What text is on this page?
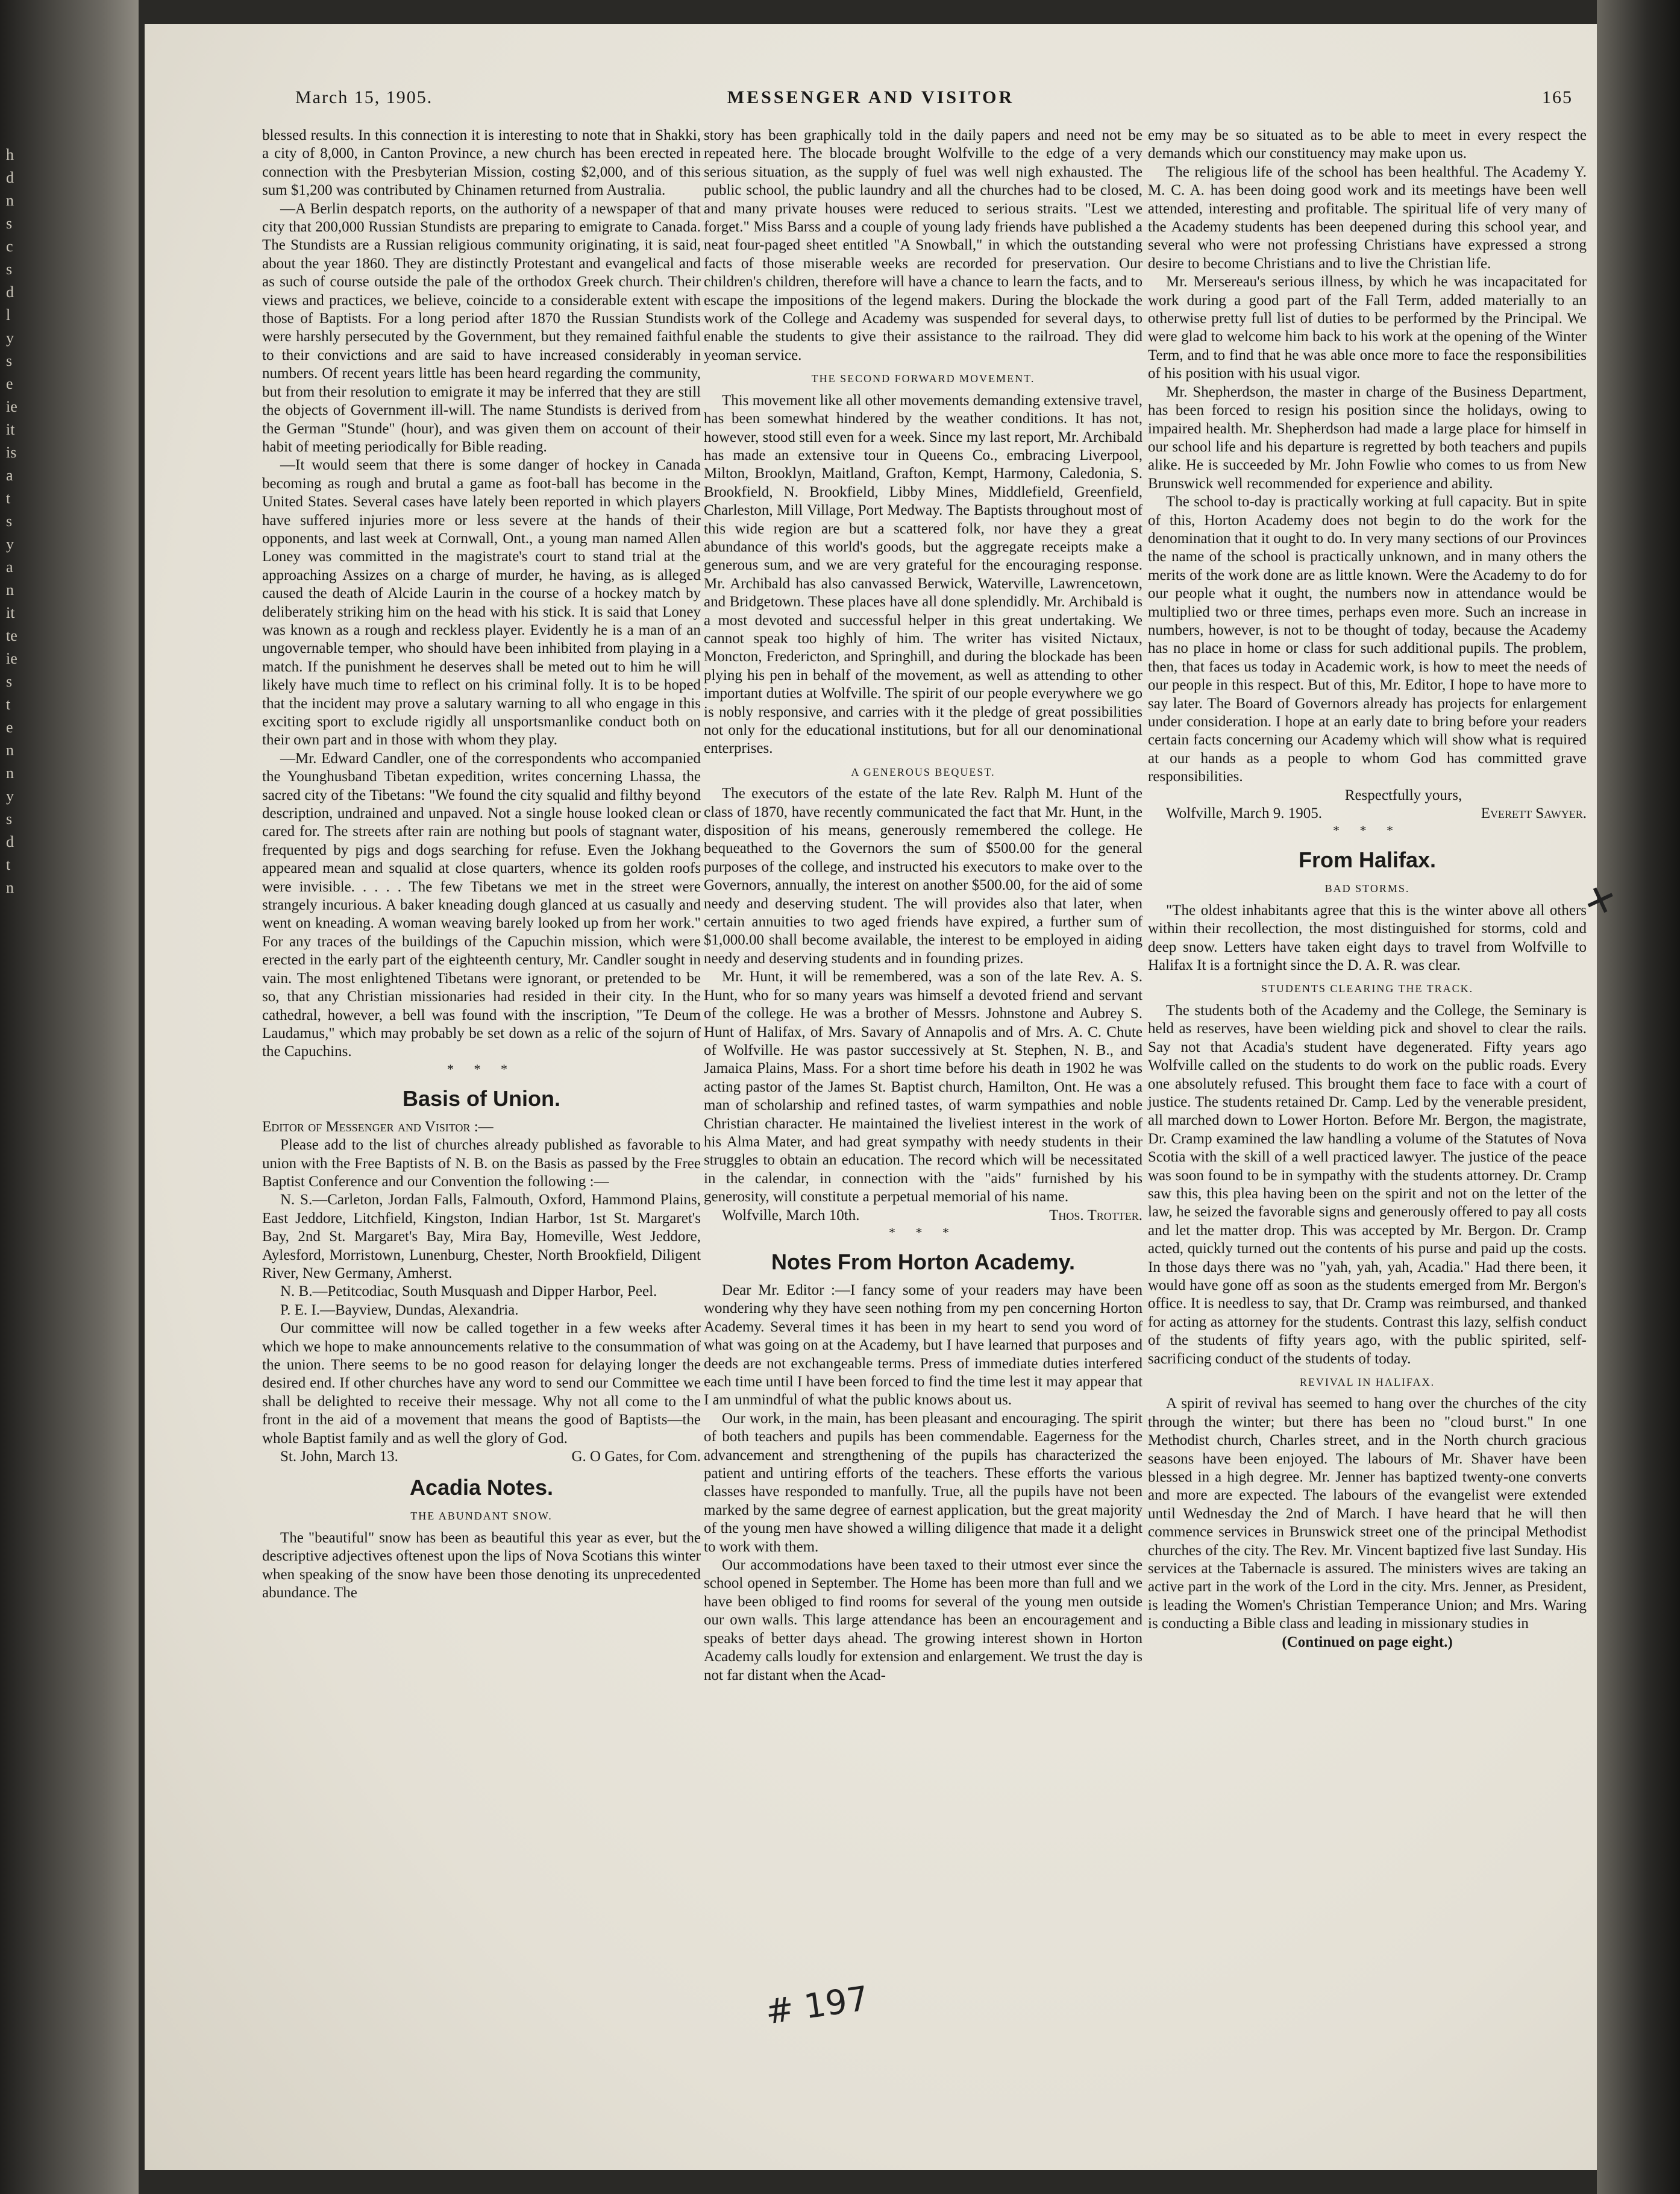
h
d
n
s
c
s
d
l
y
s
e
ie
it
is
a
t
s
y
a
n
it
te
ie
s
t
e
n
n
y
s
d
t
n
March 15, 1905.	MESSENGER AND VISITOR	165

blessed results. In this connection it is interesting to note that in Shakki, a city of 8,000, in Canton Province, a new church has been erected in connection with the Presbyterian Mission, costing $2,000, and of this sum $1,200 was contributed by Chinamen returned from Australia.

—A Berlin despatch reports, on the authority of a newspaper of that city that 200,000 Russian Stundists are preparing to emigrate to Canada. The Stundists are a Russian religious community originating, it is said, about the year 1860. They are distinctly Protestant and evangelical and as such of course outside the pale of the orthodox Greek church. Their views and practices, we believe, coincide to a considerable extent with those of Baptists. For a long period after 1870 the Russian Stundists were harshly persecuted by the Government, but they remained faithful to their convictions and are said to have increased considerably in numbers. Of recent years little has been heard regarding the community, but from their resolution to emigrate it may be inferred that they are still the objects of Government ill-will. The name Stundists is derived from the German "Stunde" (hour), and was given them on account of their habit of meeting periodically for Bible reading.

—It would seem that there is some danger of hockey in Canada becoming as rough and brutal a game as foot-ball has become in the United States. Several cases have lately been reported in which players have suffered injuries more or less severe at the hands of their opponents, and last week at Cornwall, Ont., a young man named Allen Loney was committed in the magistrate's court to stand trial at the approaching Assizes on a charge of murder, he having, as is alleged caused the death of Alcide Laurin in the course of a hockey match by deliberately striking him on the head with his stick. It is said that Loney was known as a rough and reckless player. Evidently he is a man of an ungovernable temper, who should have been inhibited from playing in a match. If the punishment he deserves shall be meted out to him he will likely have much time to reflect on his criminal folly. It is to be hoped that the incident may prove a salutary warning to all who engage in this exciting sport to exclude rigidly all unsportsmanlike conduct both on their own part and in those with whom they play.

—Mr. Edward Candler, one of the correspondents who accompanied the Younghusband Tibetan expedition, writes concerning Lhassa, the sacred city of the Tibetans: "We found the city squalid and filthy beyond description, undrained and unpaved. Not a single house looked clean or cared for. The streets after rain are nothing but pools of stagnant water, frequented by pigs and dogs searching for refuse. Even the Jokhang appeared mean and squalid at close quarters, whence its golden roofs were invisible. . . . . The few Tibetans we met in the street were strangely incurious. A baker kneading dough glanced at us casually and went on kneading. A woman weaving barely looked up from her work." For any traces of the buildings of the Capuchin mission, which were erected in the early part of the eighteenth century, Mr. Candler sought in vain. The most enlightened Tibetans were ignorant, or pretended to be so, that any Christian missionaries had resided in their city. In the cathedral, however, a bell was found with the inscription, "Te Deum Laudamus," which may probably be set down as a relic of the sojurn of the Capuchins.

* * *
Basis of Union.

Editor of Messenger and Visitor :—

Please add to the list of churches already published as favorable to union with the Free Baptists of N. B. on the Basis as passed by the Free Baptist Conference and our Convention the following :—

N. S.—Carleton, Jordan Falls, Falmouth, Oxford, Hammond Plains, East Jeddore, Litchfield, Kingston, Indian Harbor, 1st St. Margaret's Bay, 2nd St. Margaret's Bay, Mira Bay, Homeville, West Jeddore, Aylesford, Morristown, Lunenburg, Chester, North Brookfield, Diligent River, New Germany, Amherst.

N. B.—Petitcodiac, South Musquash and Dipper Harbor, Peel.

P. E. I.—Bayview, Dundas, Alexandria.

Our committee will now be called together in a few weeks after which we hope to make announcements relative to the consummation of the union. There seems to be no good reason for delaying longer the desired end. If other churches have any word to send our Committee we shall be delighted to receive their message. Why not all come to the front in the aid of a movement that means the good of Baptists—the whole Baptist family and as well the glory of God.

St. John, March 13.	G. O Gates, for Com.
Acadia Notes.
THE ABUNDANT SNOW.

The "beautiful" snow has been as beautiful this year as ever, but the descriptive adjectives oftenest upon the lips of Nova Scotians this winter when speaking of the snow have been those denoting its unprecedented abundance. The

story has been graphically told in the daily papers and need not be repeated here. The blocade brought Wolfville to the edge of a very serious situation, as the supply of fuel was well nigh exhausted. The public school, the public laundry and all the churches had to be closed, and many private houses were reduced to serious straits. "Lest we forget." Miss Barss and a couple of young lady friends have published a neat four-paged sheet entitled "A Snowball," in which the outstanding facts of those miserable weeks are recorded for preservation. Our children's children, therefore will have a chance to learn the facts, and to escape the impositions of the legend makers. During the blockade the work of the College and Academy was suspended for several days, to enable the students to give their assistance to the railroad. They did yeoman service.

THE SECOND FORWARD MOVEMENT.

This movement like all other movements demanding extensive travel, has been somewhat hindered by the weather conditions. It has not, however, stood still even for a week. Since my last report, Mr. Archibald has made an extensive tour in Queens Co., embracing Liverpool, Milton, Brooklyn, Maitland, Grafton, Kempt, Harmony, Caledonia, S. Brookfield, N. Brookfield, Libby Mines, Middlefield, Greenfield, Charleston, Mill Village, Port Medway. The Baptists throughout most of this wide region are but a scattered folk, nor have they a great abundance of this world's goods, but the aggregate receipts make a generous sum, and we are very grateful for the encouraging response. Mr. Archibald has also canvassed Berwick, Waterville, Lawrencetown, and Bridgetown. These places have all done splendidly. Mr. Archibald is a most devoted and successful helper in this great undertaking. We cannot speak too highly of him. The writer has visited Nictaux, Moncton, Fredericton, and Springhill, and during the blockade has been plying his pen in behalf of the movement, as well as attending to other important duties at Wolfville. The spirit of our people everywhere we go is nobly responsive, and carries with it the pledge of great possibilities not only for the educational institutions, but for all our denominational enterprises.

A GENEROUS BEQUEST.

The executors of the estate of the late Rev. Ralph M. Hunt of the class of 1870, have recently communicated the fact that Mr. Hunt, in the disposition of his means, generously remembered the college. He bequeathed to the Governors the sum of $500.00 for the general purposes of the college, and instructed his executors to make over to the Governors, annually, the interest on another $500.00, for the aid of some needy and deserving student. The will provides also that later, when certain annuities to two aged friends have expired, a further sum of $1,000.00 shall become available, the interest to be employed in aiding needy and deserving students and in founding prizes.

Mr. Hunt, it will be remembered, was a son of the late Rev. A. S. Hunt, who for so many years was himself a devoted friend and servant of the college. He was a brother of Messrs. Johnstone and Aubrey S. Hunt of Halifax, of Mrs. Savary of Annapolis and of Mrs. A. C. Chute of Wolfville. He was pastor successively at St. Stephen, N. B., and Jamaica Plains, Mass. For a short time before his death in 1902 he was acting pastor of the James St. Baptist church, Hamilton, Ont. He was a man of scholarship and refined tastes, of warm sympathies and noble Christian character. He maintained the liveliest interest in the work of his Alma Mater, and had great sympathy with needy students in their struggles to obtain an education. The record which will be necessitated in the calendar, in connection with the "aids" furnished by his generosity, will constitute a perpetual memorial of his name.

Wolfville, March 10th.	Thos. Trotter.
* * *
Notes From Horton Academy.

Dear Mr. Editor :—I fancy some of your readers may have been wondering why they have seen nothing from my pen concerning Horton Academy. Several times it has been in my heart to send you word of what was going on at the Academy, but I have learned that purposes and deeds are not exchangeable terms. Press of immediate duties interfered each time until I have been forced to find the time lest it may appear that I am unmindful of what the public knows about us.

Our work, in the main, has been pleasant and encouraging. The spirit of both teachers and pupils has been commendable. Eagerness for the advancement and strengthening of the pupils has characterized the patient and untiring efforts of the teachers. These efforts the various classes have responded to manfully. True, all the pupils have not been marked by the same degree of earnest application, but the great majority of the young men have showed a willing diligence that made it a delight to work with them.

Our accommodations have been taxed to their utmost ever since the school opened in September. The Home has been more than full and we have been obliged to find rooms for several of the young men outside our own walls. This large attendance has been an encouragement and speaks of better days ahead. The growing interest shown in Horton Academy calls loudly for extension and enlargement. We trust the day is not far distant when the Acad-

emy may be so situated as to be able to meet in every respect the demands which our constituency may make upon us.

The religious life of the school has been healthful. The Academy Y. M. C. A. has been doing good work and its meetings have been well attended, interesting and profitable. The spiritual life of very many of the Academy students has been deepened during this school year, and several who were not professing Christians have expressed a strong desire to become Christians and to live the Christian life.

Mr. Mersereau's serious illness, by which he was incapacitated for work during a good part of the Fall Term, added materially to an otherwise pretty full list of duties to be performed by the Principal. We were glad to welcome him back to his work at the opening of the Winter Term, and to find that he was able once more to face the responsibilities of his position with his usual vigor.

Mr. Shepherdson, the master in charge of the Business Department, has been forced to resign his position since the holidays, owing to impaired health. Mr. Shepherdson had made a large place for himself in our school life and his departure is regretted by both teachers and pupils alike. He is succeeded by Mr. John Fowlie who comes to us from New Brunswick well recommended for experience and ability.

The school to-day is practically working at full capacity. But in spite of this, Horton Academy does not begin to do the work for the denomination that it ought to do. In very many sections of our Provinces the name of the school is practically unknown, and in many others the merits of the work done are as little known. Were the Academy to do for our people what it ought, the numbers now in attendance would be multiplied two or three times, perhaps even more. Such an increase in numbers, however, is not to be thought of today, because the Academy has no place in home or class for such additional pupils. The problem, then, that faces us today in Academic work, is how to meet the needs of our people in this respect. But of this, Mr. Editor, I hope to have more to say later. The Board of Governors already has projects for enlargement under consideration. I hope at an early date to bring before your readers certain facts concerning our Academy which will show what is required at our hands as a people to whom God has committed grave responsibilities.

Respectfully yours,
Wolfville, March 9. 1905.	Everett Sawyer.
* * *
From Halifax.
BAD STORMS.

"The oldest inhabitants agree that this is the winter above all others within their recollection, the most distinguished for storms, cold and deep snow. Letters have taken eight days to travel from Wolfville to Halifax It is a fortnight since the D. A. R. was clear.

STUDENTS CLEARING THE TRACK.

The students both of the Academy and the College, the Seminary is held as reserves, have been wielding pick and shovel to clear the rails. Say not that Acadia's student have degenerated. Fifty years ago Wolfville called on the students to do work on the public roads. Every one absolutely refused. This brought them face to face with a court of justice. The students retained Dr. Camp. Led by the venerable president, all marched down to Lower Horton. Before Mr. Bergon, the magistrate, Dr. Cramp examined the law handling a volume of the Statutes of Nova Scotia with the skill of a well practiced lawyer. The justice of the peace was soon found to be in sympathy with the students attorney. Dr. Cramp saw this, this plea having been on the spirit and not on the letter of the law, he seized the favorable signs and generously offered to pay all costs and let the matter drop. This was accepted by Mr. Bergon. Dr. Cramp acted, quickly turned out the contents of his purse and paid up the costs. In those days there was no "yah, yah, yah, Acadia." Had there been, it would have gone off as soon as the students emerged from Mr. Bergon's office. It is needless to say, that Dr. Cramp was reimbursed, and thanked for acting as attorney for the students. Contrast this lazy, selfish conduct of the students of fifty years ago, with the public spirited, self-sacrificing conduct of the students of today.

REVIVAL IN HALIFAX.

A spirit of revival has seemed to hang over the churches of the city through the winter; but there has been no "cloud burst." In one Methodist church, Charles street, and in the North church gracious seasons have been enjoyed. The labours of Mr. Shaver have been blessed in a high degree. Mr. Jenner has baptized twenty-one converts and more are expected. The labours of the evangelist were extended until Wednesday the 2nd of March. I have heard that he will then commence services in Brunswick street one of the principal Methodist churches of the city. The Rev. Mr. Vincent baptized five last Sunday. His services at the Tabernacle is assured. The ministers wives are taking an active part in the work of the Lord in the city. Mrs. Jenner, as President, is leading the Women's Christian Temperance Union; and Mrs. Waring is conducting a Bible class and leading in missionary studies in

(Continued on page eight.)
# 197
✕
